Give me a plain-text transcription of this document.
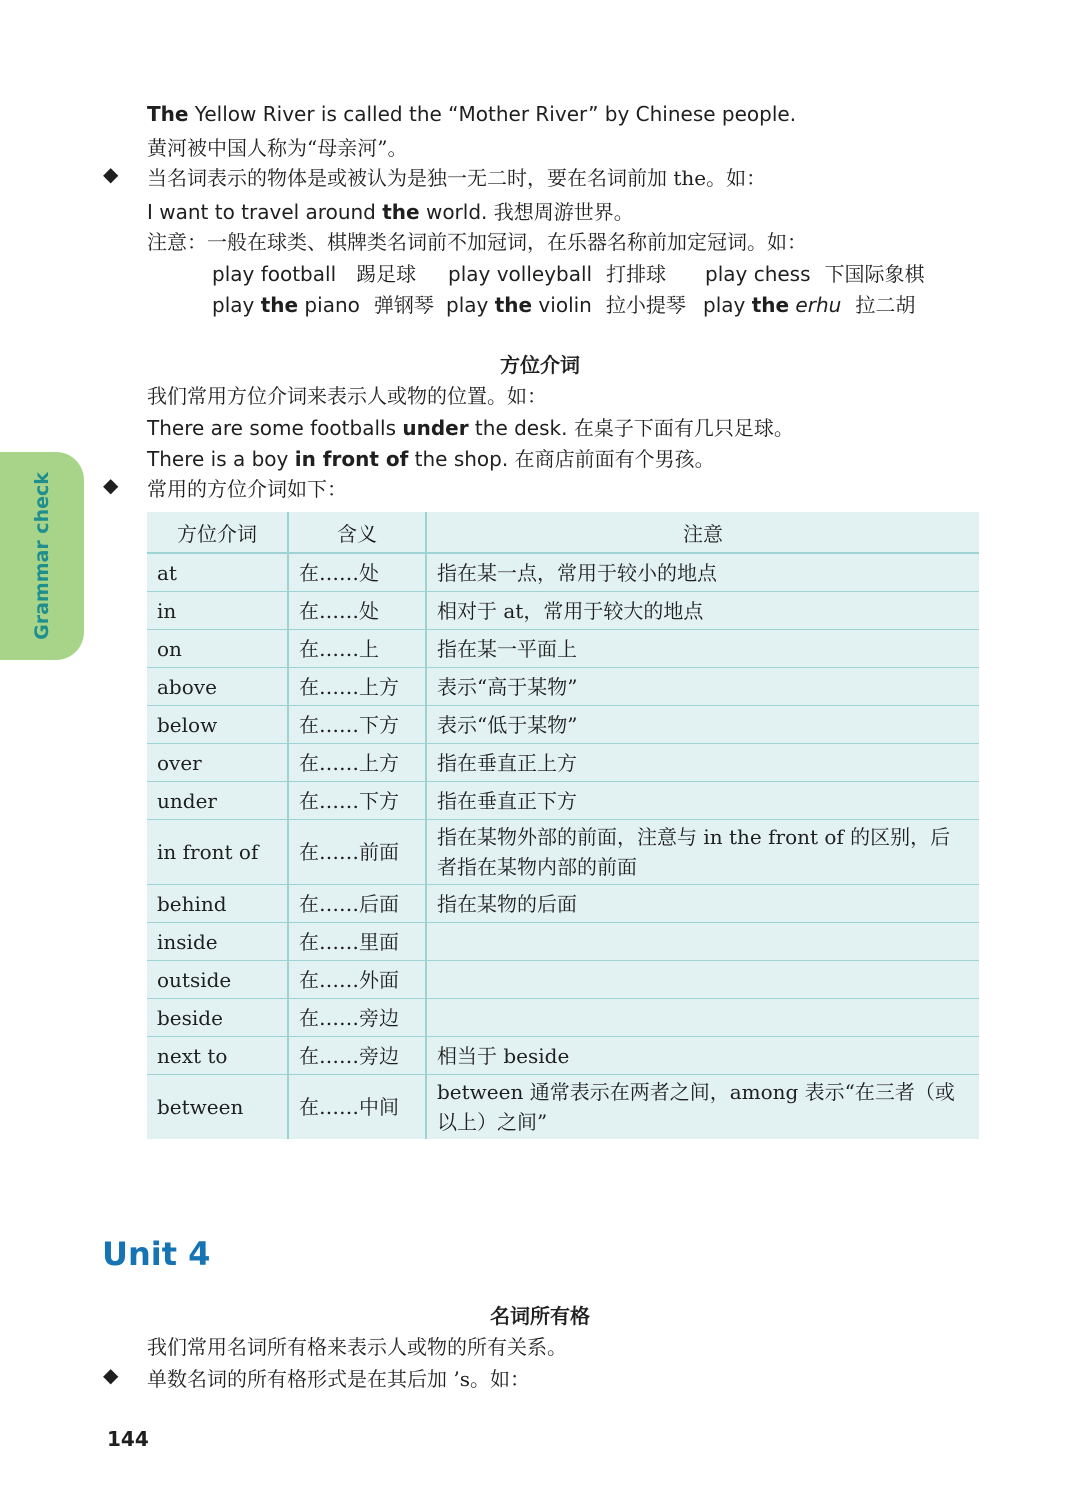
Grammar check
The Yellow River is called the “Mother River” by Chinese people.
黄河被中国人称为“母亲河”。
◆ 当名词表示的物体是或被认为是独一无二时，要在名词前加 the。如：
I want to travel around the world. 我想周游世界。
注意：一般在球类、棋牌类名词前不加冠词，在乐器名称前加定冠词。如：
play football 踢足球 play volleyball 打排球 play chess 下国际象棋
play the piano 弹钢琴 play the violin 拉小提琴 play the erhu 拉二胡
方位介词
我们常用方位介词来表示人或物的位置。如：
There are some footballs under the desk. 在桌子下面有几只足球。
There is a boy in front of the shop. 在商店前面有个男孩。
◆ 常用的方位介词如下：
方位介词	含义	注意
at	在……处	指在某一点，常用于较小的地点
in	在……处	相对于 at，常用于较大的地点
on	在……上	指在某一平面上
above	在……上方	表示“高于某物”
below	在……下方	表示“低于某物”
over	在……上方	指在垂直正上方
under	在……下方	指在垂直正下方
in front of	在……前面	指在某物外部的前面，注意与 in the front of 的区别，后者指在某物内部的前面
behind	在……后面	指在某物的后面
inside	在……里面	
outside	在……外面	
beside	在……旁边	
next to	在……旁边	相当于 beside
between	在……中间	between 通常表示在两者之间，among 表示“在三者（或以上）之间”
Unit 4
名词所有格
我们常用名词所有格来表示人或物的所有关系。
◆ 单数名词的所有格形式是在其后加 ’s。如：
144
